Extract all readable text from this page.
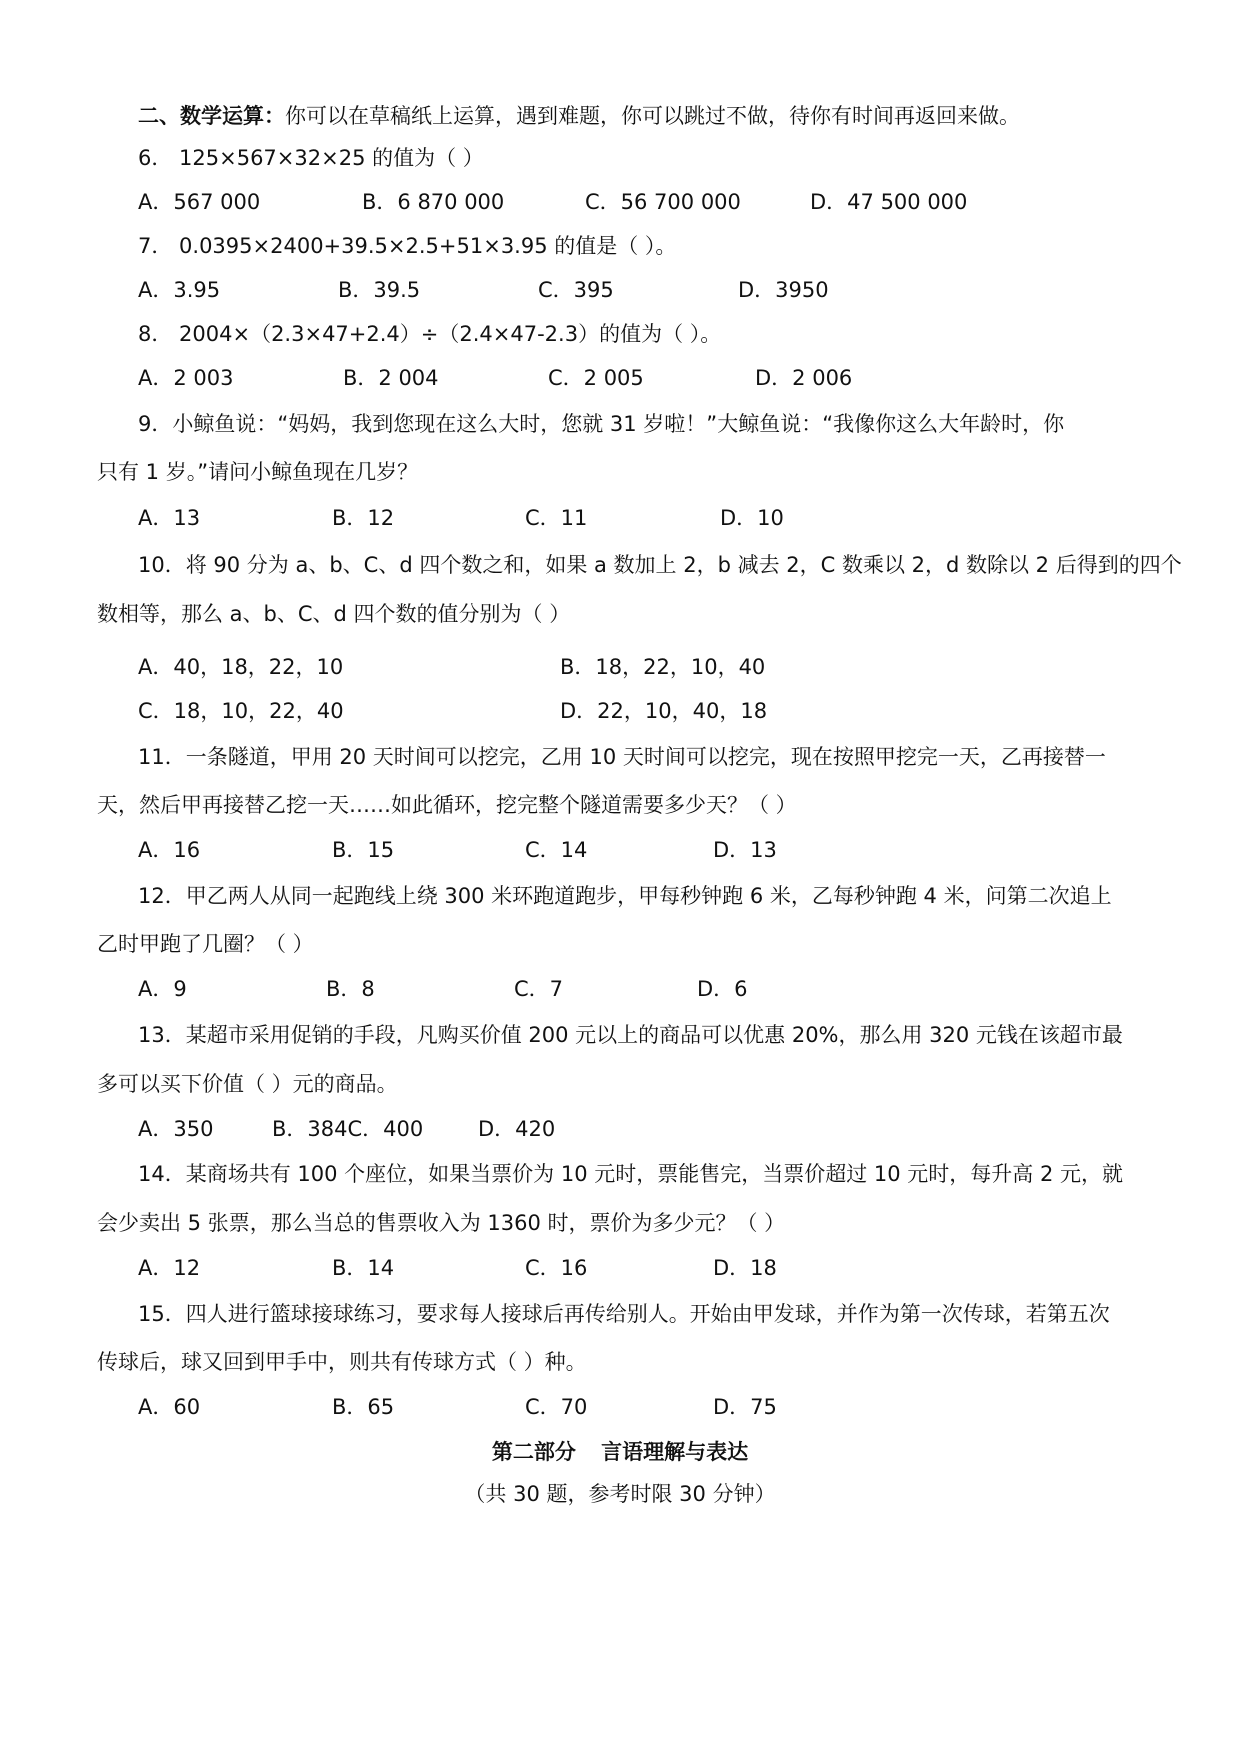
二、数学运算：你可以在草稿纸上运算，遇到难题，你可以跳过不做，待你有时间再返回来做。
6． 125×567×32×25 的值为（ ）
A．567 000	B．6 870 000	C．56 700 000	D．47 500 000
7． 0.0395×2400+39.5×2.5+51×3.95 的值是（ ）。
A．3.95	B．39.5	C．395	D．3950
8． 2004×（2.3×47+2.4）÷（2.4×47-2.3）的值为（ ）。
A．2 003	B．2 004	C．2 005	D．2 006
9．小鲸鱼说：“妈妈，我到您现在这么大时，您就 31 岁啦！”大鲸鱼说：“我像你这么大年龄时，你
只有 1 岁。”请问小鲸鱼现在几岁？
A．13	B．12	C．11	D．10
10．将 90 分为 a、b、C、d 四个数之和，如果 a 数加上 2，b 减去 2，C 数乘以 2，d 数除以 2 后得到的四个
数相等，那么 a、b、C、d 四个数的值分别为（ ）
A．40，18，22，10	B．18，22，10，40
C．18，10，22，40	D．22，10，40，18
11．一条隧道，甲用 20 天时间可以挖完，乙用 10 天时间可以挖完，现在按照甲挖完一天，乙再接替一
天，然后甲再接替乙挖一天……如此循环，挖完整个隧道需要多少天？（ ）
A．16	B．15	C．14	D．13
12．甲乙两人从同一起跑线上绕 300 米环跑道跑步，甲每秒钟跑 6 米，乙每秒钟跑 4 米，问第二次追上
乙时甲跑了几圈？（ ）
A．9	B．8	C．7	D．6
13．某超市采用促销的手段，凡购买价值 200 元以上的商品可以优惠 20%，那么用 320 元钱在该超市最
多可以买下价值（ ）元的商品。
A．350	B．384C．400	D．420
14．某商场共有 100 个座位，如果当票价为 10 元时，票能售完，当票价超过 10 元时，每升高 2 元，就
会少卖出 5 张票，那么当总的售票收入为 1360 时，票价为多少元？（ ）
A．12	B．14	C．16	D．18
15．四人进行篮球接球练习，要求每人接球后再传给别人。开始由甲发球，并作为第一次传球，若第五次
传球后，球又回到甲手中，则共有传球方式（ ）种。
A．60	B．65	C．70	D．75
第二部分 言语理解与表达
（共 30 题，参考时限 30 分钟）
